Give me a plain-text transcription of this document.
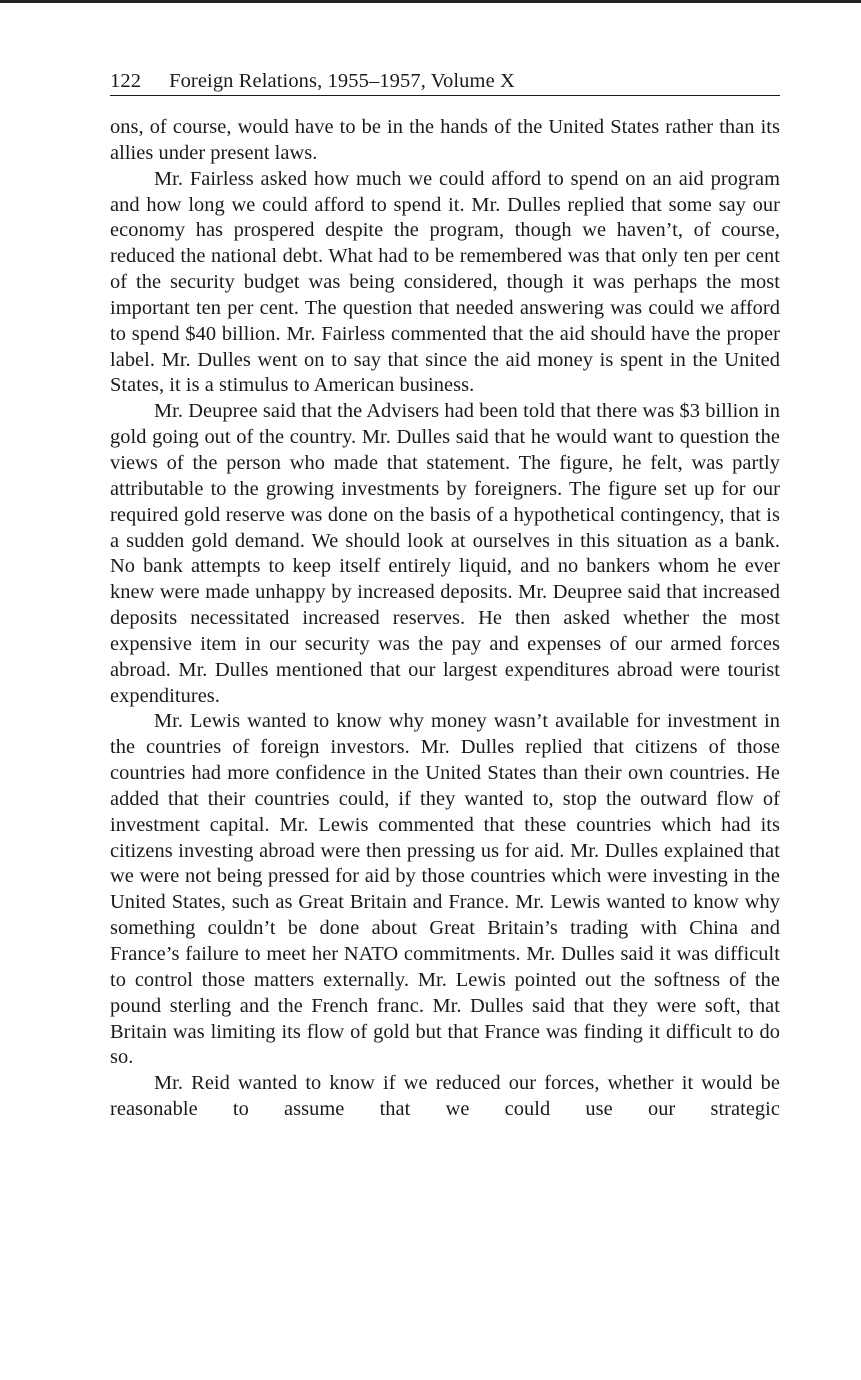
122 Foreign Relations, 1955–1957, Volume X

ons, of course, would have to be in the hands of the United States rather than its allies under present laws.

Mr. Fairless asked how much we could afford to spend on an aid program and how long we could afford to spend it. Mr. Dulles replied that some say our economy has prospered despite the program, though we haven’t, of course, reduced the national debt. What had to be remembered was that only ten per cent of the security budget was being considered, though it was perhaps the most important ten per cent. The question that needed answering was could we afford to spend $40 billion. Mr. Fairless commented that the aid should have the proper label. Mr. Dulles went on to say that since the aid money is spent in the United States, it is a stimulus to American business.

Mr. Deupree said that the Advisers had been told that there was $3 billion in gold going out of the country. Mr. Dulles said that he would want to question the views of the person who made that statement. The figure, he felt, was partly attributable to the growing investments by foreigners. The figure set up for our required gold reserve was done on the basis of a hypothetical contingency, that is a sudden gold demand. We should look at ourselves in this situation as a bank. No bank attempts to keep itself entirely liquid, and no bankers whom he ever knew were made unhappy by increased deposits. Mr. Deupree said that increased deposits necessitated increased reserves. He then asked whether the most expensive item in our security was the pay and expenses of our armed forces abroad. Mr. Dulles mentioned that our largest expenditures abroad were tourist expenditures.

Mr. Lewis wanted to know why money wasn’t available for investment in the countries of foreign investors. Mr. Dulles replied that citizens of those countries had more confidence in the United States than their own countries. He added that their countries could, if they wanted to, stop the outward flow of investment capital. Mr. Lewis commented that these countries which had its citizens investing abroad were then pressing us for aid. Mr. Dulles explained that we were not being pressed for aid by those countries which were investing in the United States, such as Great Britain and France. Mr. Lewis wanted to know why something couldn’t be done about Great Britain’s trading with China and France’s failure to meet her NATO commitments. Mr. Dulles said it was difficult to control those matters externally. Mr. Lewis pointed out the softness of the pound sterling and the French franc. Mr. Dulles said that they were soft, that Britain was limiting its flow of gold but that France was finding it difficult to do so.

Mr. Reid wanted to know if we reduced our forces, whether it would be reasonable to assume that we could use our strategic
